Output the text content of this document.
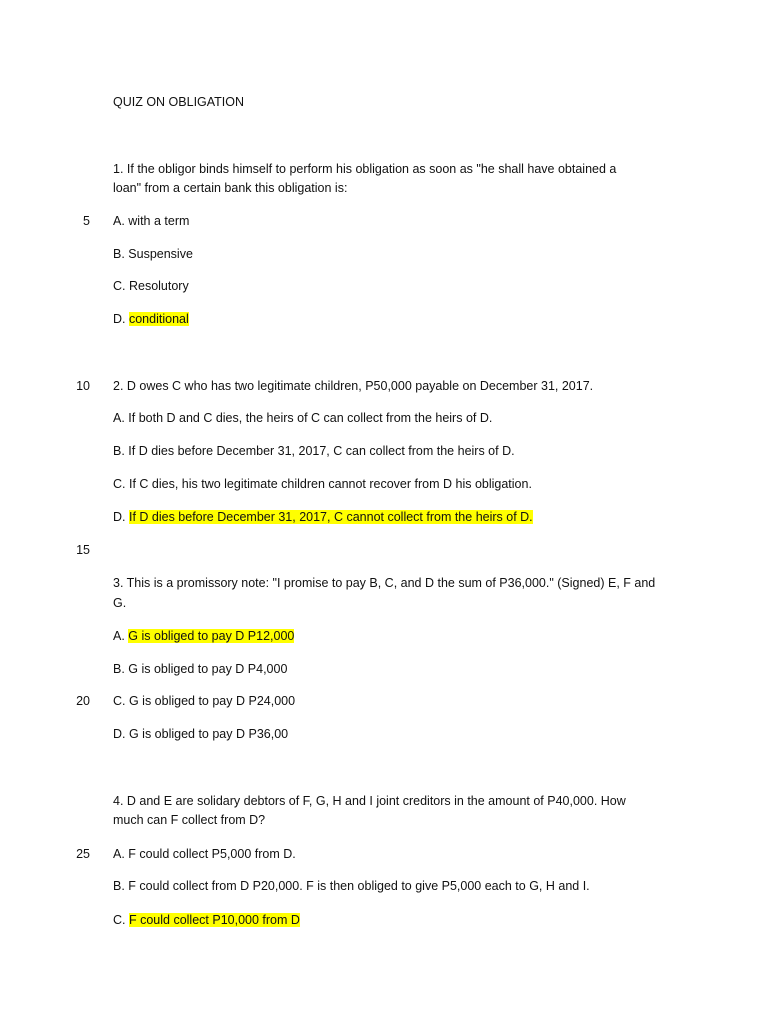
5
10
15
20
25
QUIZ ON OBLIGATION
1. If the obligor binds himself to perform his obligation as soon as "he shall have obtained a
loan" from a certain bank this obligation is:
A. with a term
B. Suspensive
C. Resolutory
D. conditional
2. D owes C who has two legitimate children, P50,000 payable on December 31, 2017.
A. If both D and C dies, the heirs of C can collect from the heirs of D.
B. If D dies before December 31, 2017, C can collect from the heirs of D.
C. If C dies, his two legitimate children cannot recover from D his obligation.
D. If D dies before December 31, 2017, C cannot collect from the heirs of D.
3. This is a promissory note: "I promise to pay B, C, and D the sum of P36,000." (Signed) E, F and
G.
A. G is obliged to pay D P12,000
B. G is obliged to pay D P4,000
C. G is obliged to pay D P24,000
D. G is obliged to pay D P36,00
4. D and E are solidary debtors of F, G, H and I joint creditors in the amount of P40,000. How
much can F collect from D?
A. F could collect P5,000 from D.
B. F could collect from D P20,000. F is then obliged to give P5,000 each to G, H and I.
C. F could collect P10,000 from D
